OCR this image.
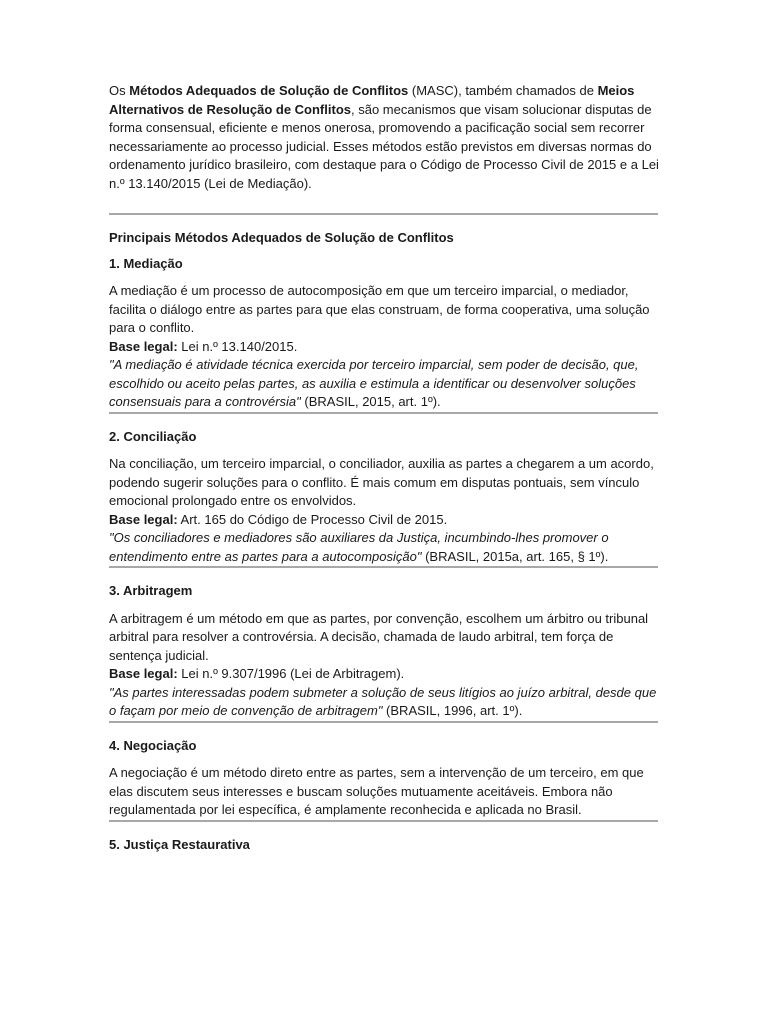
Os Métodos Adequados de Solução de Conflitos (MASC), também chamados de Meios Alternativos de Resolução de Conflitos, são mecanismos que visam solucionar disputas de forma consensual, eficiente e menos onerosa, promovendo a pacificação social sem recorrer necessariamente ao processo judicial. Esses métodos estão previstos em diversas normas do ordenamento jurídico brasileiro, com destaque para o Código de Processo Civil de 2015 e a Lei n.º 13.140/2015 (Lei de Mediação).

Principais Métodos Adequados de Solução de Conflitos

1. Mediação

A mediação é um processo de autocomposição em que um terceiro imparcial, o mediador, facilita o diálogo entre as partes para que elas construam, de forma cooperativa, uma solução para o conflito.
Base legal: Lei n.º 13.140/2015.
"A mediação é atividade técnica exercida por terceiro imparcial, sem poder de decisão, que, escolhido ou aceito pelas partes, as auxilia e estimula a identificar ou desenvolver soluções consensuais para a controvérsia" (BRASIL, 2015, art. 1º).

2. Conciliação

Na conciliação, um terceiro imparcial, o conciliador, auxilia as partes a chegarem a um acordo, podendo sugerir soluções para o conflito. É mais comum em disputas pontuais, sem vínculo emocional prolongado entre os envolvidos.
Base legal: Art. 165 do Código de Processo Civil de 2015.
"Os conciliadores e mediadores são auxiliares da Justiça, incumbindo-lhes promover o entendimento entre as partes para a autocomposição" (BRASIL, 2015a, art. 165, § 1º).

3. Arbitragem

A arbitragem é um método em que as partes, por convenção, escolhem um árbitro ou tribunal arbitral para resolver a controvérsia. A decisão, chamada de laudo arbitral, tem força de sentença judicial.
Base legal: Lei n.º 9.307/1996 (Lei de Arbitragem).
"As partes interessadas podem submeter a solução de seus litígios ao juízo arbitral, desde que o façam por meio de convenção de arbitragem" (BRASIL, 1996, art. 1º).

4. Negociação

A negociação é um método direto entre as partes, sem a intervenção de um terceiro, em que elas discutem seus interesses e buscam soluções mutuamente aceitáveis. Embora não regulamentada por lei específica, é amplamente reconhecida e aplicada no Brasil.

5. Justiça Restaurativa
